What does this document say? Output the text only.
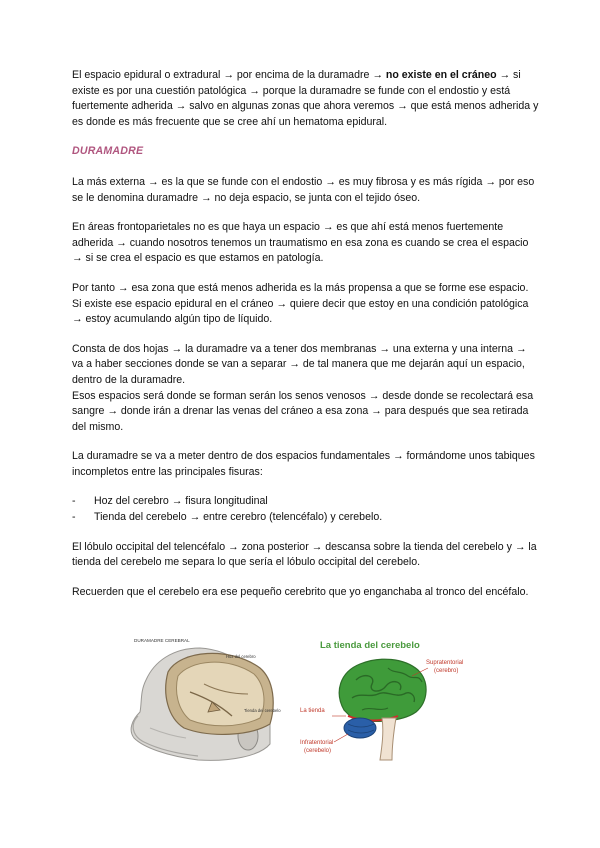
El espacio epidural o extradural → por encima de la duramadre → no existe en el cráneo → si existe es por una cuestión patológica → porque la duramadre se funde con el endostio y está fuertemente adherida → salvo en algunas zonas que ahora veremos → que está menos adherida y es donde es más frecuente que se cree ahí un hematoma epidural.

DURAMADRE

La más externa → es la que se funde con el endostio → es muy fibrosa y es más rígida → por eso se le denomina duramadre → no deja espacio, se junta con el tejido óseo.

En áreas frontoparietales no es que haya un espacio → es que ahí está menos fuertemente adherida → cuando nosotros tenemos un traumatismo en esa zona es cuando se crea el espacio → si se crea el espacio es que estamos en patología.

Por tanto → esa zona que está menos adherida es la más propensa a que se forme ese espacio.

Si existe ese espacio epidural en el cráneo → quiere decir que estoy en una condición patológica → estoy acumulando algún tipo de líquido.

Consta de dos hojas → la duramadre va a tener dos membranas → una externa y una interna → va a haber secciones donde se van a separar → de tal manera que me dejarán aquí un espacio, dentro de la duramadre.

Esos espacios será donde se forman serán los senos venosos → desde donde se recolectará esa sangre → donde irán a drenar las venas del cráneo a esa zona → para después que sea retirada del mismo.

La duramadre se va a meter dentro de dos espacios fundamentales → formándome unos tabiques incompletos entre las principales fisuras:

- Hoz del cerebro → fisura longitudinal
- Tienda del cerebelo → entre cerebro (telencéfalo) y cerebelo.

El lóbulo occipital del telencéfalo → zona posterior → descansa sobre la tienda del cerebelo y → la tienda del cerebelo me separa lo que sería el lóbulo occipital del cerebelo.

Recuerden que el cerebelo era ese pequeño cerebrito que yo enganchaba al tronco del encéfalo.

DURAMADRE CEREBRAL
Hoz del cerebro
Tienda del cerebelo
La tienda del cerebelo
Supratentorial
(cerebro)
La tienda
Infratentorial
(cerebelo)
